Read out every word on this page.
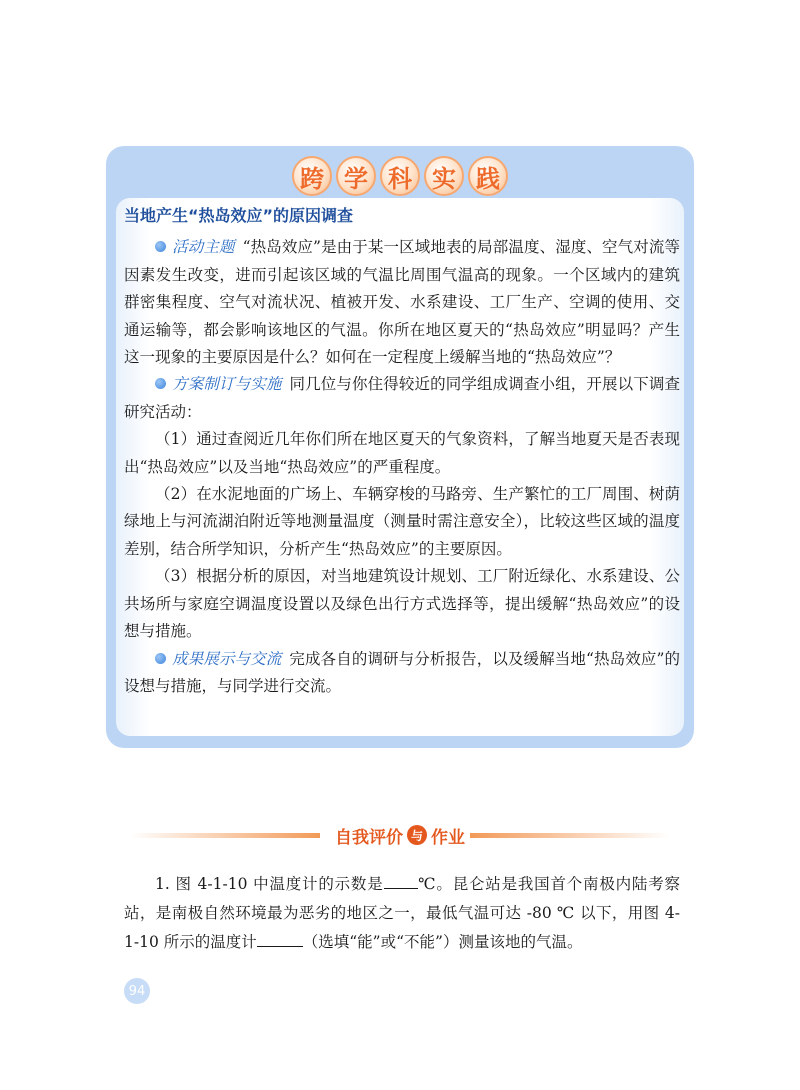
跨 学 科 实 践
当地产生“热岛效应”的原因调查

活动主题 “热岛效应”是由于某一区域地表的局部温度、湿度、空气对流等因素发生改变，进而引起该区域的气温比周围气温高的现象。一个区域内的建筑群密集程度、空气对流状况、植被开发、水系建设、工厂生产、空调的使用、交通运输等，都会影响该地区的气温。你所在地区夏天的“热岛效应”明显吗？产生这一现象的主要原因是什么？如何在一定程度上缓解当地的“热岛效应”？

方案制订与实施 同几位与你住得较近的同学组成调查小组，开展以下调查研究活动：

（1）通过查阅近几年你们所在地区夏天的气象资料，了解当地夏天是否表现出“热岛效应”以及当地“热岛效应”的严重程度。

（2）在水泥地面的广场上、车辆穿梭的马路旁、生产繁忙的工厂周围、树荫绿地上与河流湖泊附近等地测量温度（测量时需注意安全），比较这些区域的温度差别，结合所学知识，分析产生“热岛效应”的主要原因。

（3）根据分析的原因，对当地建筑设计规划、工厂附近绿化、水系建设、公共场所与家庭空调温度设置以及绿色出行方式选择等，提出缓解“热岛效应”的设想与措施。

成果展示与交流 完成各自的调研与分析报告，以及缓解当地“热岛效应”的设想与措施，与同学进行交流。

自我评价 与 作业
1. 图 4-1-10 中温度计的示数是 ℃。昆仑站是我国首个南极内陆考察站，是南极自然环境最为恶劣的地区之一，最低气温可达 -80 ℃ 以下，用图 4-1-10 所示的温度计	（选填“能”或“不能”）测量该地的气温。
94
